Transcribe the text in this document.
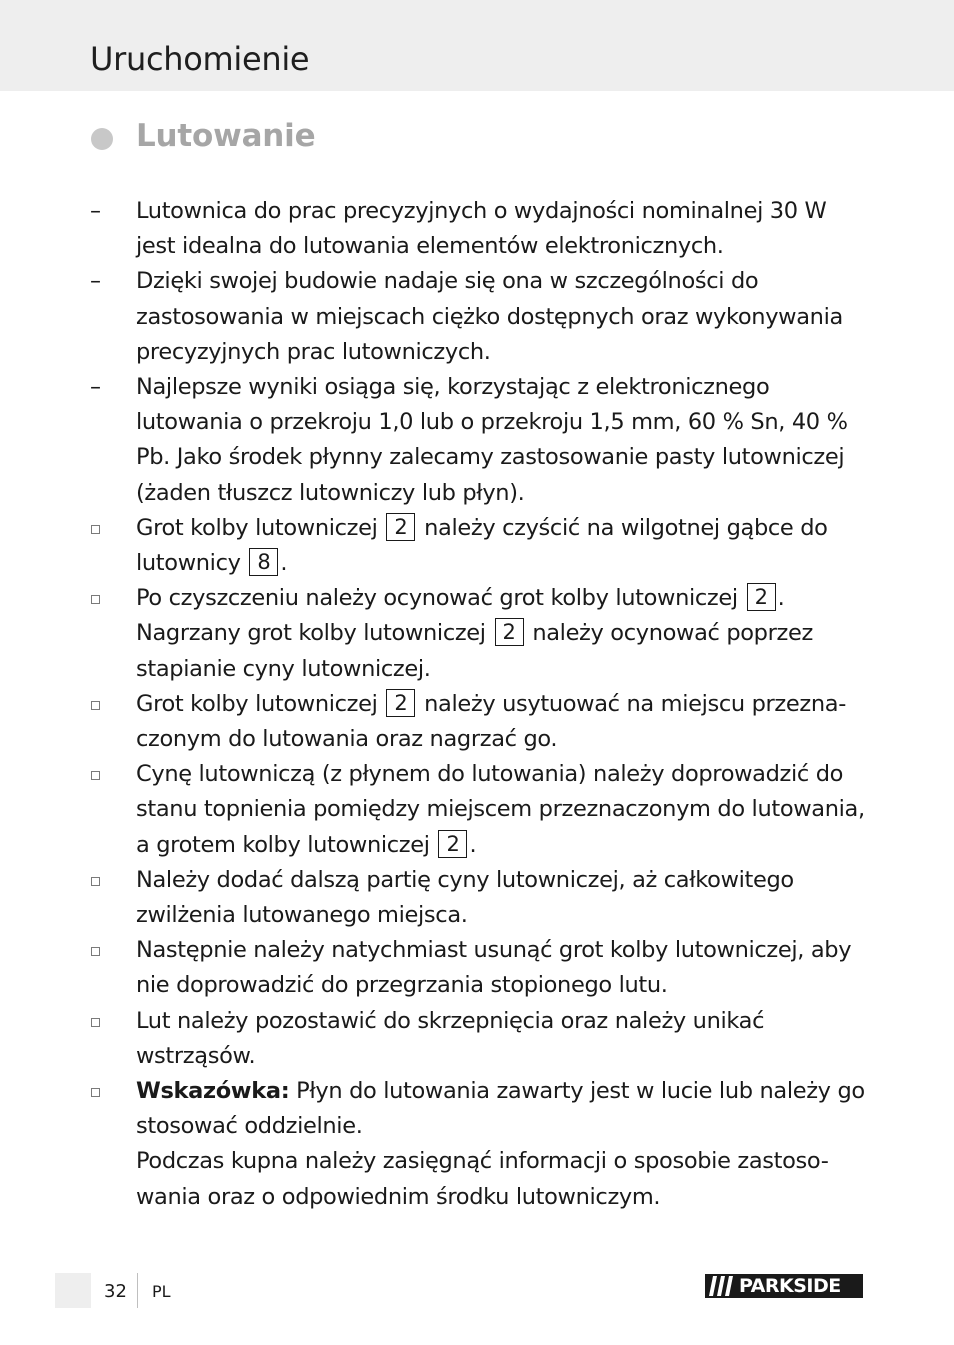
Uruchomienie
Lutowanie
– Lutownica do prac precyzyjnych o wydajności nominalnej 30 W jest idealna do lutowania elementów elektronicznych.
– Dzięki swojej budowie nadaje się ona w szczególności do zastosowania w miejscach ciężko dostępnych oraz wykonywania precyzyjnych prac lutowniczych.
– Najlepsze wyniki osiąga się, korzystając z elektronicznego lutowania o przekroju 1,0 lub o przekroju 1,5 mm, 60 % Sn, 40 % Pb. Jako środek płynny zalecamy zastosowanie pasty lutowniczej (żaden tłuszcz lutowniczy lub płyn).
Grot kolby lutowniczej 2 należy czyścić na wilgotnej gąbce do lutownicy 8 .
Po czyszczeniu należy ocynować grot kolby lutowniczej 2 .
Nagrzany grot kolby lutowniczej 2 należy ocynować poprzez stapianie cyny lutowniczej.
Grot kolby lutowniczej 2 należy usytuować na miejscu przezna-czonym do lutowania oraz nagrzać go.
Cynę lutowniczą (z płynem do lutowania) należy doprowadzić do stanu topnienia pomiędzy miejscem przeznaczonym do lutowania, a grotem kolby lutowniczej 2 .
Należy dodać dalszą partię cyny lutowniczej, aż całkowitego zwilżenia lutowanego miejsca.
Następnie należy natychmiast usunąć grot kolby lutowniczej, aby nie doprowadzić do przegrzania stopionego lutu.
Lut należy pozostawić do skrzepnięcia oraz należy unikać wstrząsów.
Wskazówka: Płyn do lutowania zawarty jest w lucie lub należy go stosować oddzielnie.
Podczas kupna należy zasięgnąć informacji o sposobie zastoso-wania oraz o odpowiednim środku lutowniczym.
32 PL	PARKSIDE
